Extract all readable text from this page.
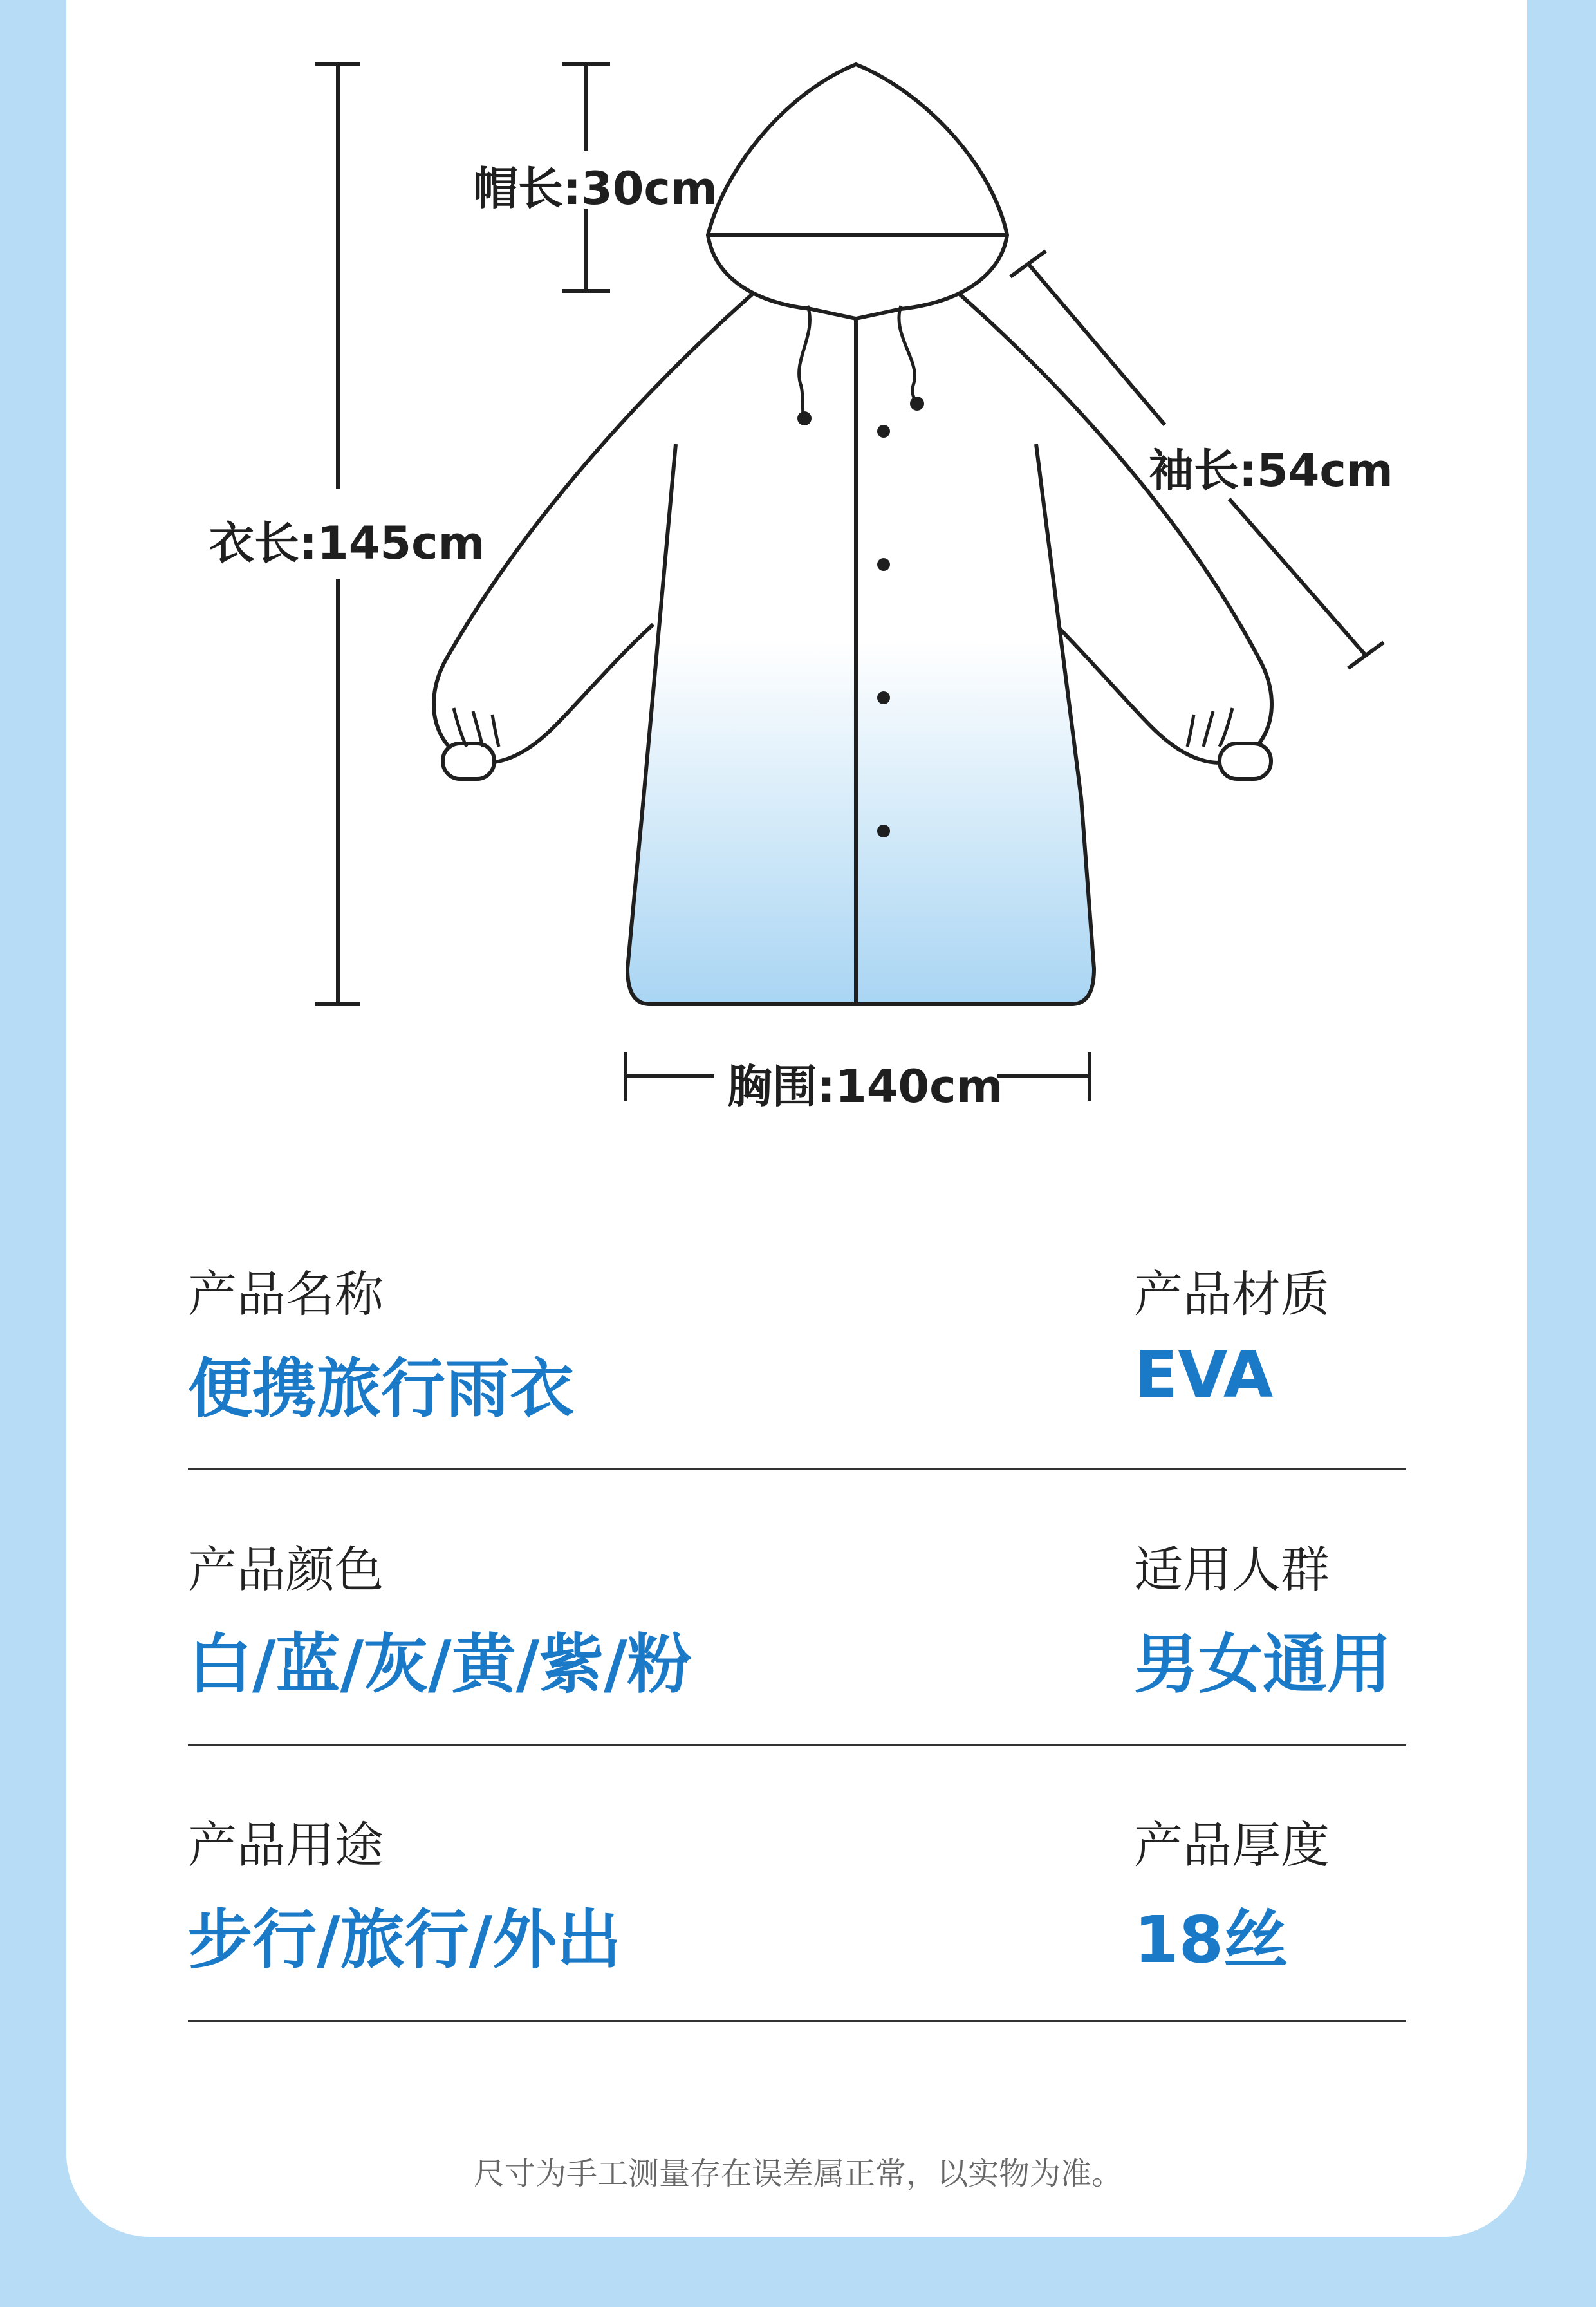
帽长:30cm
衣长:145cm
袖长:54cm
胸围:140cm
产品名称
便携旅行雨衣
产品材质
EVA
产品颜色
白/蓝/灰/黄/紫/粉
适用人群
男女通用
产品用途
步行/旅行/外出
产品厚度
18丝
尺寸为手工测量存在误差属正常，以实物为准。
